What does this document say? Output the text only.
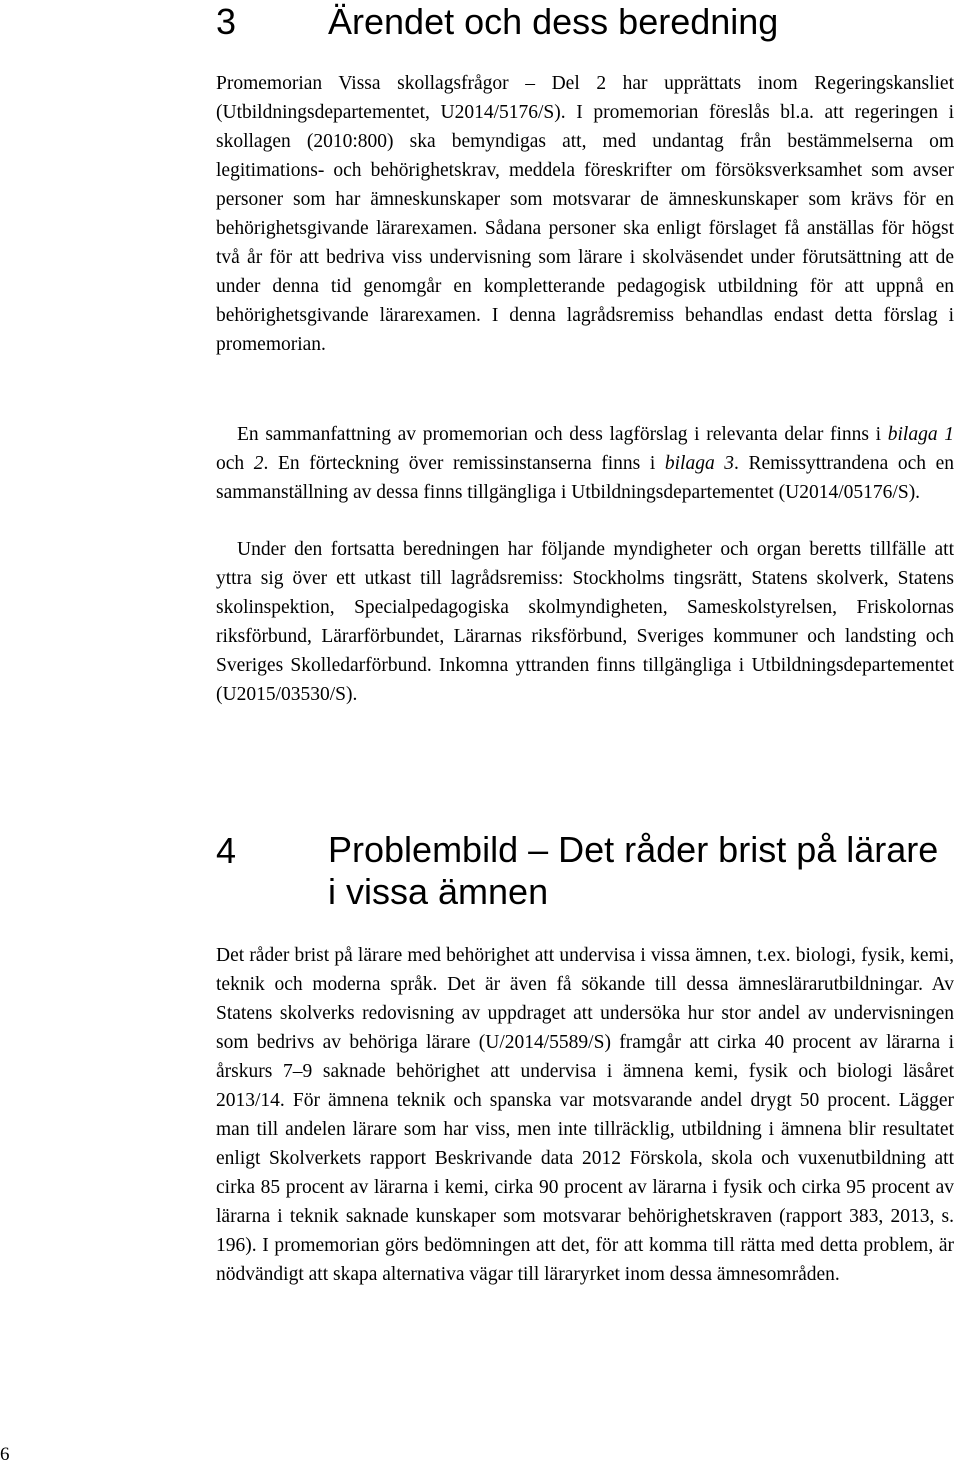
3	Ärendet och dess beredning

Promemorian Vissa skollagsfrågor – Del 2 har upprättats inom Regeringskansliet (Utbildningsdepartementet, U2014/5176/S). I promemorian föreslås bl.a. att regeringen i skollagen (2010:800) ska bemyndigas att, med undantag från bestämmelserna om legitimations- och behörighetskrav, meddela föreskrifter om försöksverksamhet som avser personer som har ämneskunskaper som motsvarar de ämneskunskaper som krävs för en behörighetsgivande lärarexamen. Sådana personer ska enligt förslaget få anställas för högst två år för att bedriva viss undervisning som lärare i skolväsendet under förutsättning att de under denna tid genomgår en kompletterande pedagogisk utbildning för att uppnå en behörighetsgivande lärarexamen. I denna lagrådsremiss behandlas endast detta förslag i promemorian.

En sammanfattning av promemorian och dess lagförslag i relevanta delar finns i bilaga 1 och 2. En förteckning över remissinstanserna finns i bilaga 3. Remissyttrandena och en sammanställning av dessa finns tillgängliga i Utbildningsdepartementet (U2014/05176/S).

Under den fortsatta beredningen har följande myndigheter och organ beretts tillfälle att yttra sig över ett utkast till lagrådsremiss: Stockholms tingsrätt, Statens skolverk, Statens skolinspektion, Specialpedagogiska skolmyndigheten, Sameskolstyrelsen, Friskolornas riksförbund, Lärarförbundet, Lärarnas riksförbund, Sveriges kommuner och landsting och Sveriges Skolledarförbund. Inkomna yttranden finns tillgängliga i Utbildningsdepartementet (U2015/03530/S).

4	Problembild – Det råder brist på lärare i vissa ämnen

Det råder brist på lärare med behörighet att undervisa i vissa ämnen, t.ex. biologi, fysik, kemi, teknik och moderna språk. Det är även få sökande till dessa ämneslärarutbildningar. Av Statens skolverks redovisning av uppdraget att undersöka hur stor andel av undervisningen som bedrivs av behöriga lärare (U/2014/5589/S) framgår att cirka 40 procent av lärarna i årskurs 7–9 saknade behörighet att undervisa i ämnena kemi, fysik och biologi läsåret 2013/14. För ämnena teknik och spanska var motsvarande andel drygt 50 procent. Lägger man till andelen lärare som har viss, men inte tillräcklig, utbildning i ämnena blir resultatet enligt Skolverkets rapport Beskrivande data 2012 Förskola, skola och vuxenutbildning att cirka 85 procent av lärarna i kemi, cirka 90 procent av lärarna i fysik och cirka 95 procent av lärarna i teknik saknade kunskaper som motsvarar behörighetskraven (rapport 383, 2013, s. 196). I promemorian görs bedömningen att det, för att komma till rätta med detta problem, är nödvändigt att skapa alternativa vägar till läraryrket inom dessa ämnesområden.

6
